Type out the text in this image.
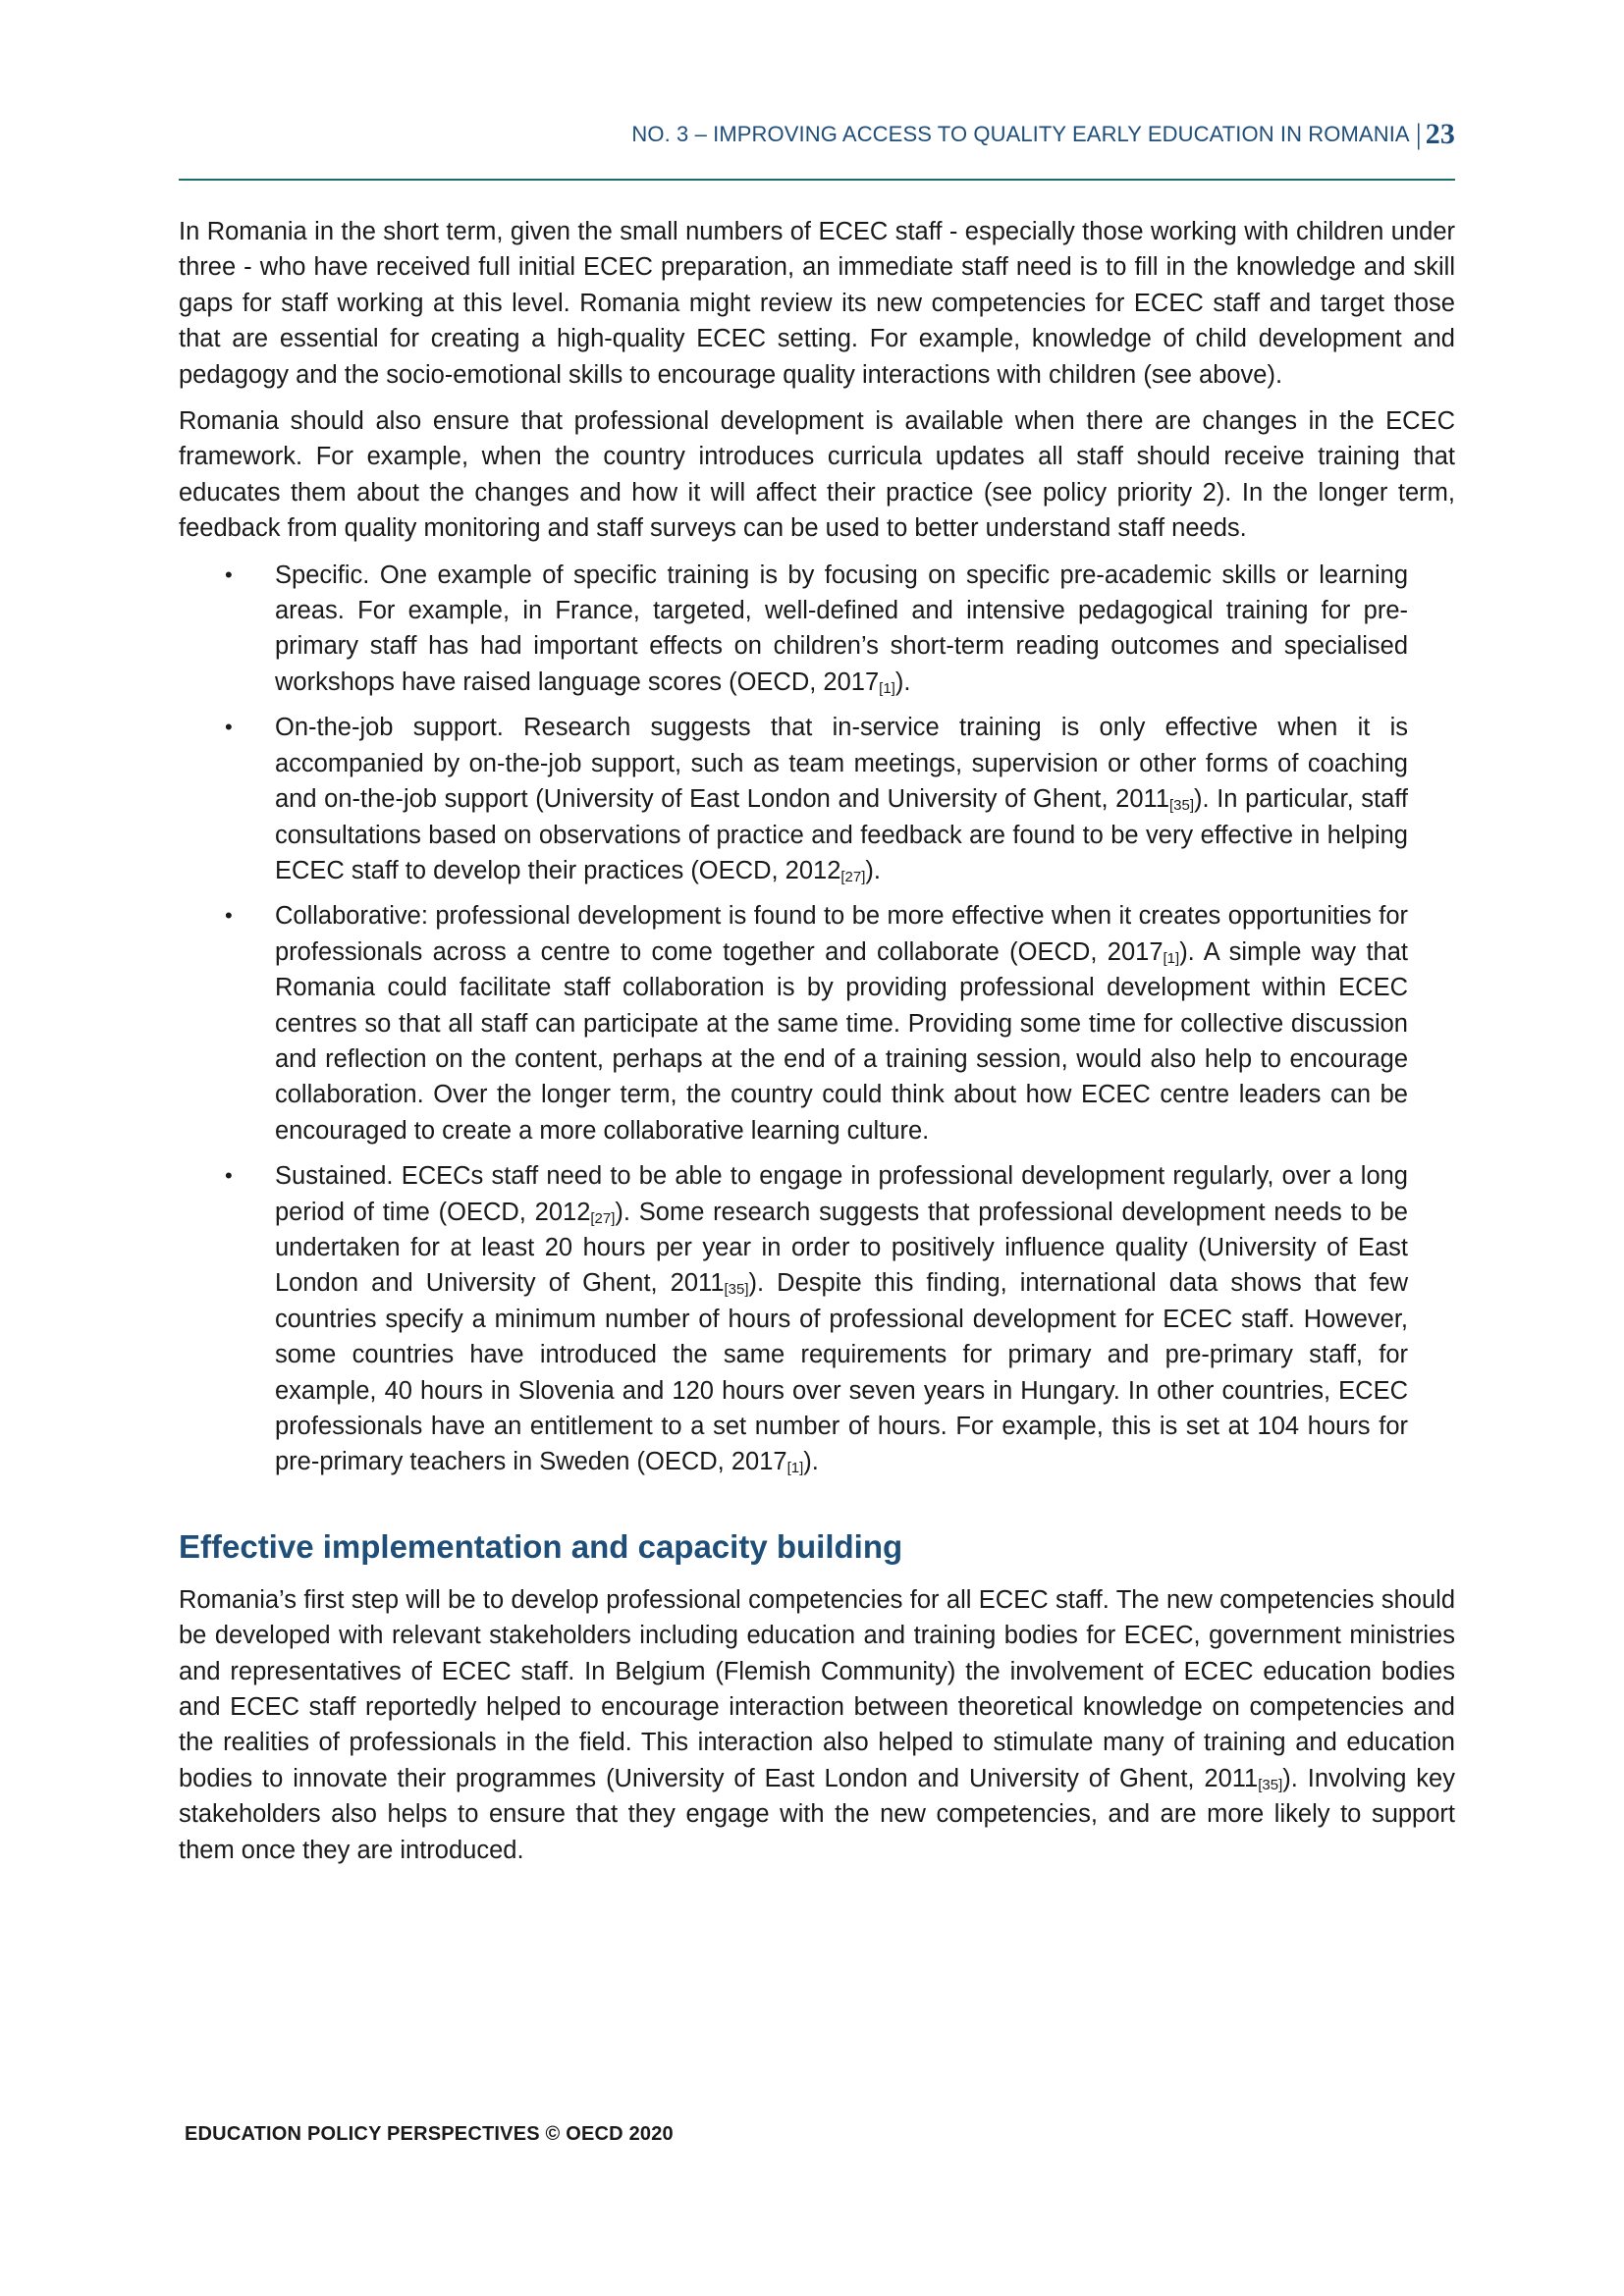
NO. 3 – IMPROVING ACCESS TO QUALITY EARLY EDUCATION IN ROMANIA | 23

In Romania in the short term, given the small numbers of ECEC staff - especially those working with children under three - who have received full initial ECEC preparation, an immediate staff need is to fill in the knowledge and skill gaps for staff working at this level. Romania might review its new competencies for ECEC staff and target those that are essential for creating a high-quality ECEC setting. For example, knowledge of child development and pedagogy and the socio-emotional skills to encourage quality interactions with children (see above).

Romania should also ensure that professional development is available when there are changes in the ECEC framework. For example, when the country introduces curricula updates all staff should receive training that educates them about the changes and how it will affect their practice (see policy priority 2). In the longer term, feedback from quality monitoring and staff surveys can be used to better understand staff needs.

• Specific. One example of specific training is by focusing on specific pre-academic skills or learning areas. For example, in France, targeted, well-defined and intensive pedagogical training for pre-primary staff has had important effects on children’s short-term reading outcomes and specialised workshops have raised language scores (OECD, $2017_{[1]}$).
• On-the-job support. Research suggests that in-service training is only effective when it is accompanied by on-the-job support, such as team meetings, supervision or other forms of coaching and on-the-job support (University of East London and University of Ghent, $2011_{[35]}$). In particular, staff consultations based on observations of practice and feedback are found to be very effective in helping ECEC staff to develop their practices (OECD, $2012_{[27]}$).
• Collaborative: professional development is found to be more effective when it creates opportunities for professionals across a centre to come together and collaborate (OECD, $2017_{[1]}$). A simple way that Romania could facilitate staff collaboration is by providing professional development within ECEC centres so that all staff can participate at the same time. Providing some time for collective discussion and reflection on the content, perhaps at the end of a training session, would also help to encourage collaboration. Over the longer term, the country could think about how ECEC centre leaders can be encouraged to create a more collaborative learning culture.
• Sustained. ECECs staff need to be able to engage in professional development regularly, over a long period of time (OECD, $2012_{[27]}$). Some research suggests that professional development needs to be undertaken for at least 20 hours per year in order to positively influence quality (University of East London and University of Ghent, $2011_{[35]}$). Despite this finding, international data shows that few countries specify a minimum number of hours of professional development for ECEC staff. However, some countries have introduced the same requirements for primary and pre-primary staff, for example, 40 hours in Slovenia and 120 hours over seven years in Hungary. In other countries, ECEC professionals have an entitlement to a set number of hours. For example, this is set at 104 hours for pre-primary teachers in Sweden (OECD, $2017_{[1]}$).
Effective implementation and capacity building

Romania’s first step will be to develop professional competencies for all ECEC staff. The new competencies should be developed with relevant stakeholders including education and training bodies for ECEC, government ministries and representatives of ECEC staff. In Belgium (Flemish Community) the involvement of ECEC education bodies and ECEC staff reportedly helped to encourage interaction between theoretical knowledge on competencies and the realities of professionals in the field. This interaction also helped to stimulate many of training and education bodies to innovate their programmes (University of East London and University of Ghent, $2011_{[35]}$). Involving key stakeholders also helps to ensure that they engage with the new competencies, and are more likely to support them once they are introduced.

EDUCATION POLICY PERSPECTIVES © OECD 2020
